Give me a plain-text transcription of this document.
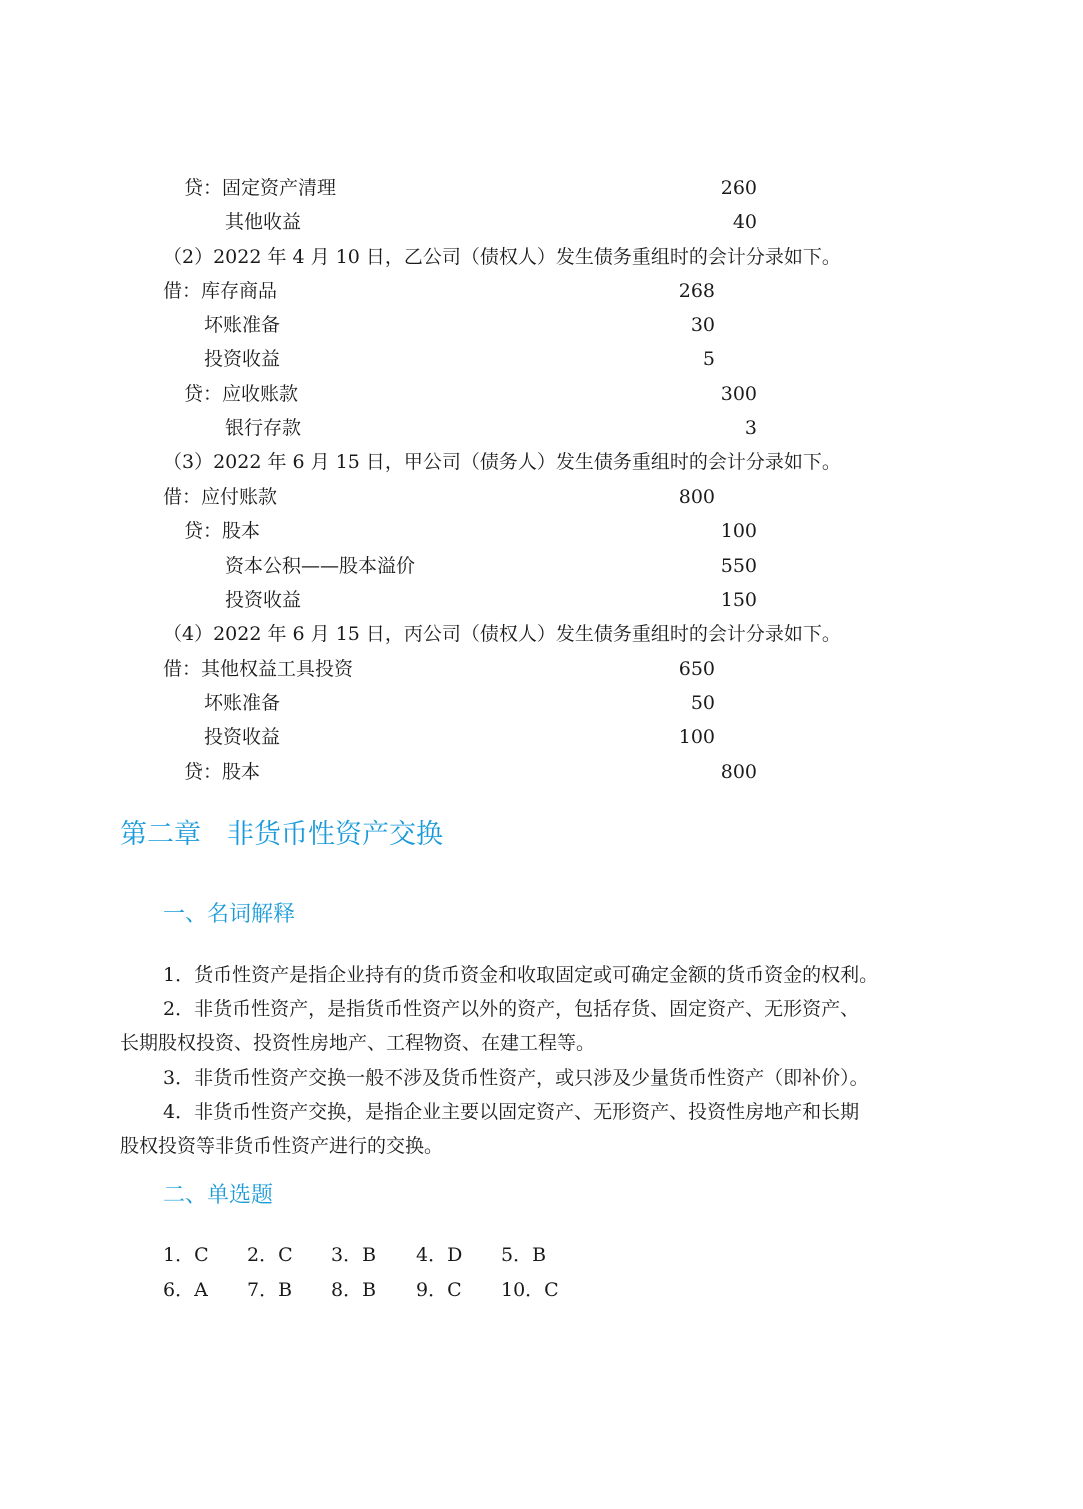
贷：固定资产清理	260
其他收益	40
（2）2022 年 4 月 10 日，乙公司（债权人）发生债务重组时的会计分录如下。
借：库存商品	268
坏账准备	30
投资收益	5
贷：应收账款	300
银行存款	3
（3）2022 年 6 月 15 日，甲公司（债务人）发生债务重组时的会计分录如下。
借：应付账款	800
贷：股本	100
资本公积——股本溢价	550
投资收益	150
（4）2022 年 6 月 15 日，丙公司（债权人）发生债务重组时的会计分录如下。
借：其他权益工具投资	650
坏账准备	50
投资收益	100
贷：股本	800
第二章 非货币性资产交换
一、名词解释
1．货币性资产是指企业持有的货币资金和收取固定或可确定金额的货币资金的权利。
2．非货币性资产，是指货币性资产以外的资产，包括存货、固定资产、无形资产、
长期股权投资、投资性房地产、工程物资、在建工程等。
3．非货币性资产交换一般不涉及货币性资产，或只涉及少量货币性资产（即补价）。
4．非货币性资产交换，是指企业主要以固定资产、无形资产、投资性房地产和长期
股权投资等非货币性资产进行的交换。
二、单选题
1．C 2．C 3．B 4．D 5．B
6．A 7．B 8．B 9．C 10．C
